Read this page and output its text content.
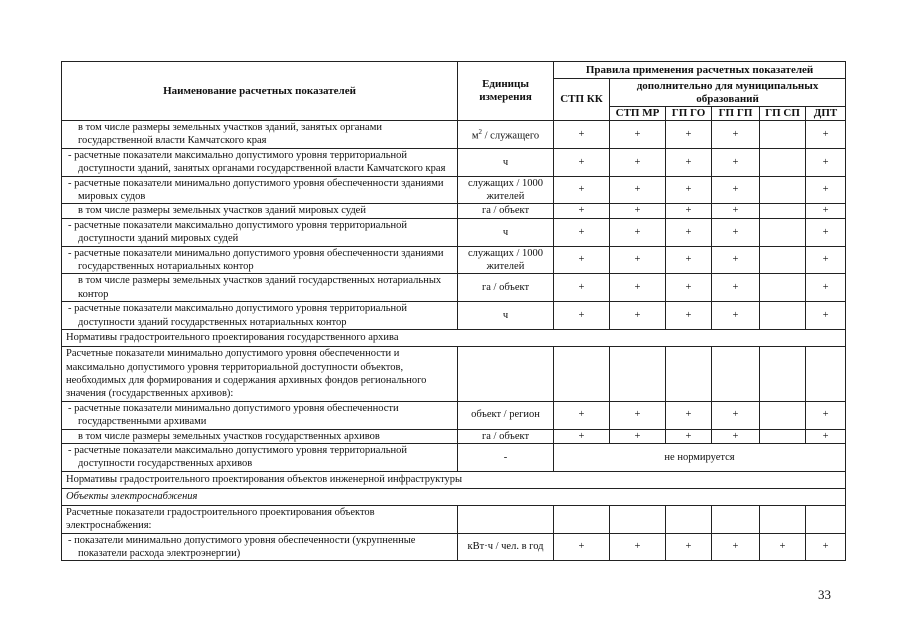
Наименование расчетных показателей	Единицы измерения	Правила применения расчетных показателей					
		СТП КК	дополнительно для муниципальных образований				
			СТП МР	ГП ГО	ГП ГП	ГП СП	ДПТ
в том числе размеры земельных участков зданий, занятых органами государственной власти Камчатского края	$м^2$ / служащего	+	+	+	+		+
- расчетные показатели максимально допустимого уровня территориальной доступности зданий, занятых органами государственной власти Камчатского края	ч	+	+	+	+		+
- расчетные показатели минимально допустимого уровня обеспеченности зданиями мировых судов	служащих / 1000 жителей	+	+	+	+		+
в том числе размеры земельных участков зданий мировых судей	га / объект	+	+	+	+		+
- расчетные показатели максимально допустимого уровня территориальной доступности зданий мировых судей	ч	+	+	+	+		+
- расчетные показатели минимально допустимого уровня обеспеченности зданиями государственных нотариальных контор	служащих / 1000 жителей	+	+	+	+		+
в том числе размеры земельных участков зданий государственных нотариальных контор	га / объект	+	+	+	+		+
- расчетные показатели максимально допустимого уровня территориальной доступности зданий государственных нотариальных контор	ч	+	+	+	+		+
Нормативы градостроительного проектирования государственного архива							
Расчетные показатели минимально допустимого уровня обеспеченности и максимально допустимого уровня территориальной доступности объектов, необходимых для формирования и содержания архивных фондов регионального значения (государственных архивов):							
- расчетные показатели минимально допустимого уровня обеспеченности государственными архивами	объект / регион	+	+	+	+		+
в том числе размеры земельных участков государственных архивов	га / объект	+	+	+	+		+
- расчетные показатели максимально допустимого уровня территориальной доступности государственных архивов	-	не нормируется					
Нормативы градостроительного проектирования объектов инженерной инфраструктуры							
Объекты электроснабжения							
Расчетные показатели градостроительного проектирования объектов электроснабжения:							
- показатели минимально допустимого уровня обеспеченности (укрупненные показатели расхода электроэнергии)	кВт·ч / чел. в год	+	+	+	+	+	+
33
